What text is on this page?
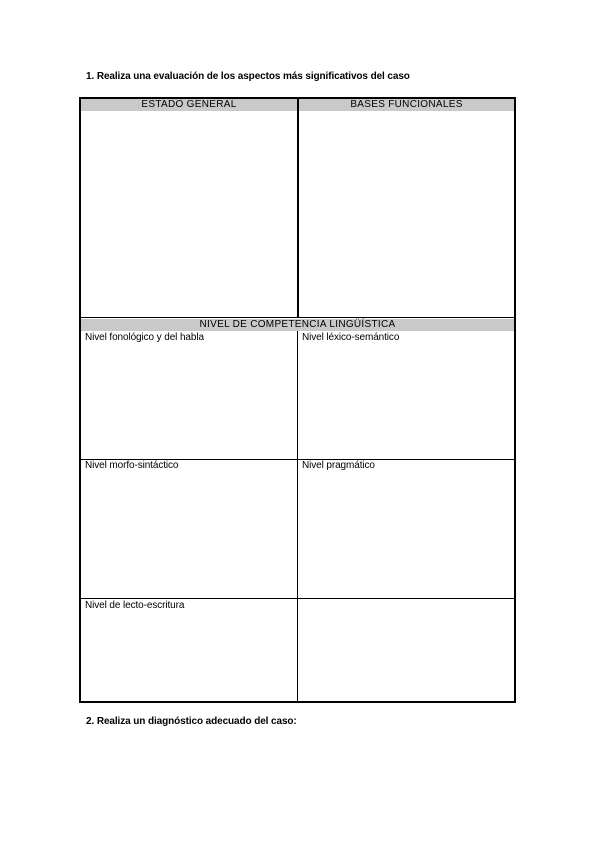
1. Realiza una evaluación de los aspectos más significativos del caso
ESTADO GENERAL	BASES FUNCIONALES
NIVEL DE COMPETENCIA LINGÜÍSTICA
Nivel fonológico y del habla	Nivel léxico-semántico
Nivel morfo-sintáctico	Nivel pragmático
Nivel de lecto-escritura
2. Realiza un diagnóstico adecuado del caso:
